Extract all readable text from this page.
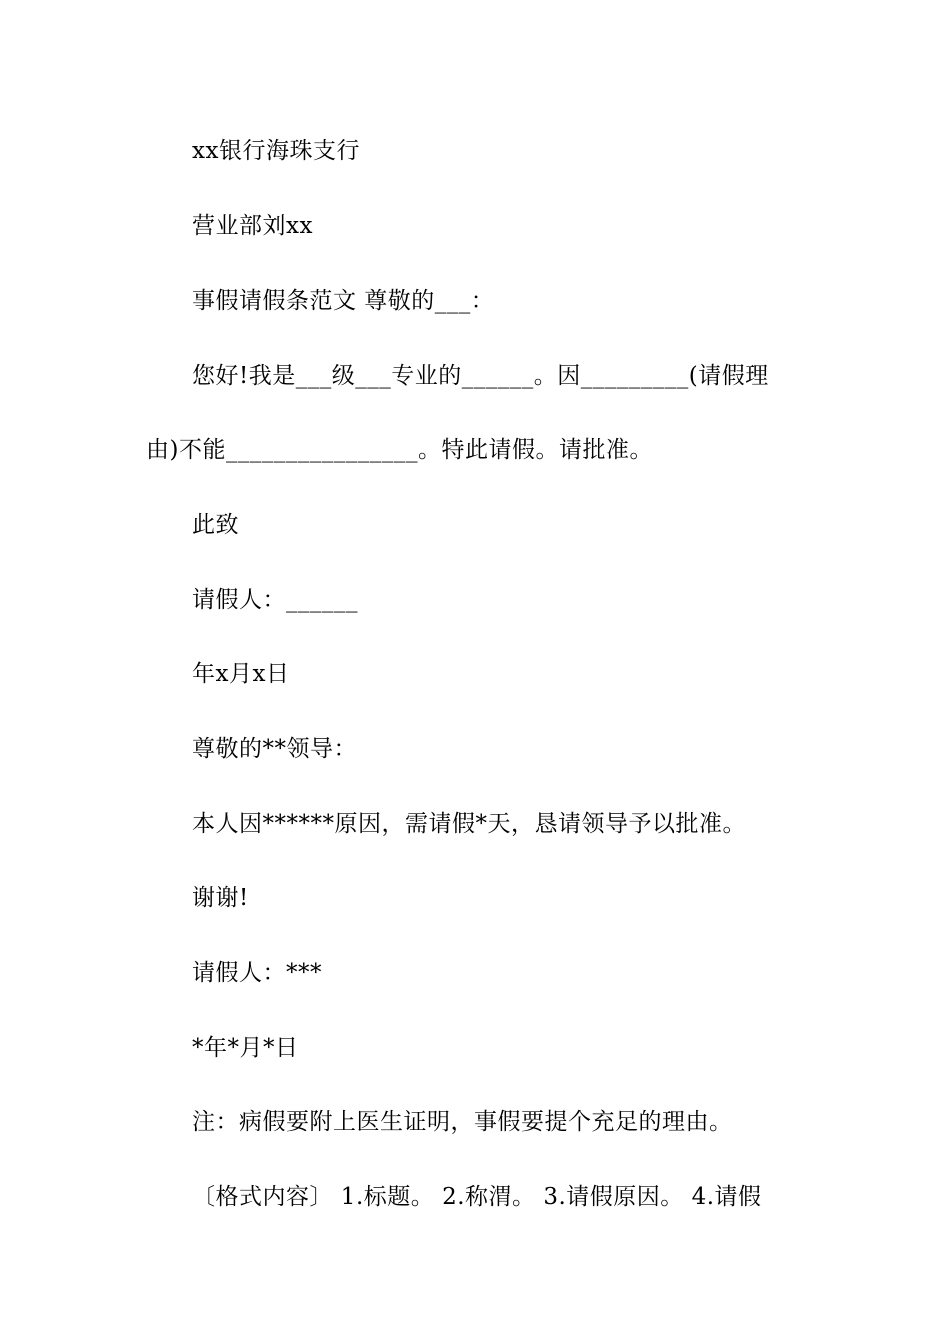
xx银行海珠支行
营业部刘xx
事假请假条范文 尊敬的___：
您好!我是___级___专业的______。因_________(请假理
由)不能________________。特此请假。请批准。
此致
请假人：______
年x月x日
尊敬的**领导：
本人因******原因，需请假*天，恳请领导予以批准。
谢谢!
请假人：***
*年*月*日
注：病假要附上医生证明，事假要提个充足的理由。
〔格式内容〕 1.标题。 2.称渭。 3.请假原因。 4.请假
